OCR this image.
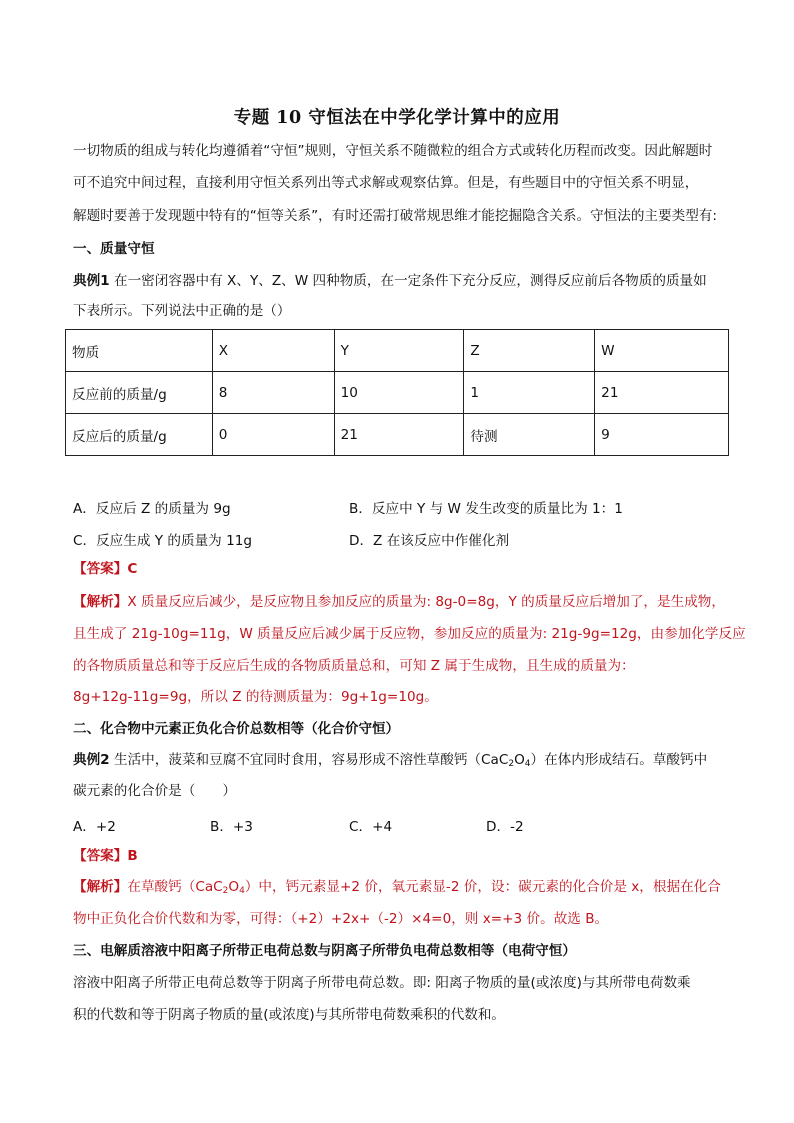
专题 10 守恒法在中学化学计算中的应用
一切物质的组成与转化均遵循着“守恒”规则，守恒关系不随微粒的组合方式或转化历程而改变。因此解题时
可不追究中间过程，直接利用守恒关系列出等式求解或观察估算。但是，有些题目中的守恒关系不明显，
解题时要善于发现题中特有的“恒等关系”，有时还需打破常规思维才能挖掘隐含关系。守恒法的主要类型有:
一、质量守恒
典例1 在一密闭容器中有 X、Y、Z、W 四种物质，在一定条件下充分反应，测得反应前后各物质的质量如
下表所示。下列说法中正确的是（）
物质	X	Y	Z	W
反应前的质量/g	8	10	1	21
反应后的质量/g	0	21	待测	9
A．反应后 Z 的质量为 9g	B．反应中 Y 与 W 发生改变的质量比为 1：1
C．反应生成 Y 的质量为 11g	D．Z 在该反应中作催化剂
【答案】C
【解析】X 质量反应后减少，是反应物且参加反应的质量为: 8g-0=8g，Y 的质量反应后增加了，是生成物，
且生成了 21g-10g=11g，W 质量反应后减少属于反应物，参加反应的质量为: 21g-9g=12g，由参加化学反应
的各物质质量总和等于反应后生成的各物质质量总和，可知 Z 属于生成物，且生成的质量为：
8g+12g-11g=9g，所以 Z 的待测质量为：9g+1g=10g。
二、化合物中元素正负化合价总数相等（化合价守恒）
典例2 生活中，菠菜和豆腐不宜同时食用，容易形成不溶性草酸钙$(CaC_2O_4)$在体内形成结石。草酸钙中
碳元素的化合价是（　　）
A．+2	B．+3	C．+4	D．-2
【答案】B
【解析】在草酸钙$(CaC_2O_4)$中，钙元素显+2 价，氧元素显-2 价，设：碳元素的化合价是 x，根据在化合
物中正负化合价代数和为零，可得：（+2）+2x+（-2）×4=0，则 x=+3 价。故选 B。
三、电解质溶液中阳离子所带正电荷总数与阴离子所带负电荷总数相等（电荷守恒）
溶液中阳离子所带正电荷总数等于阴离子所带电荷总数。即: 阳离子物质的量(或浓度)与其所带电荷数乘
积的代数和等于阴离子物质的量(或浓度)与其所带电荷数乘积的代数和。
